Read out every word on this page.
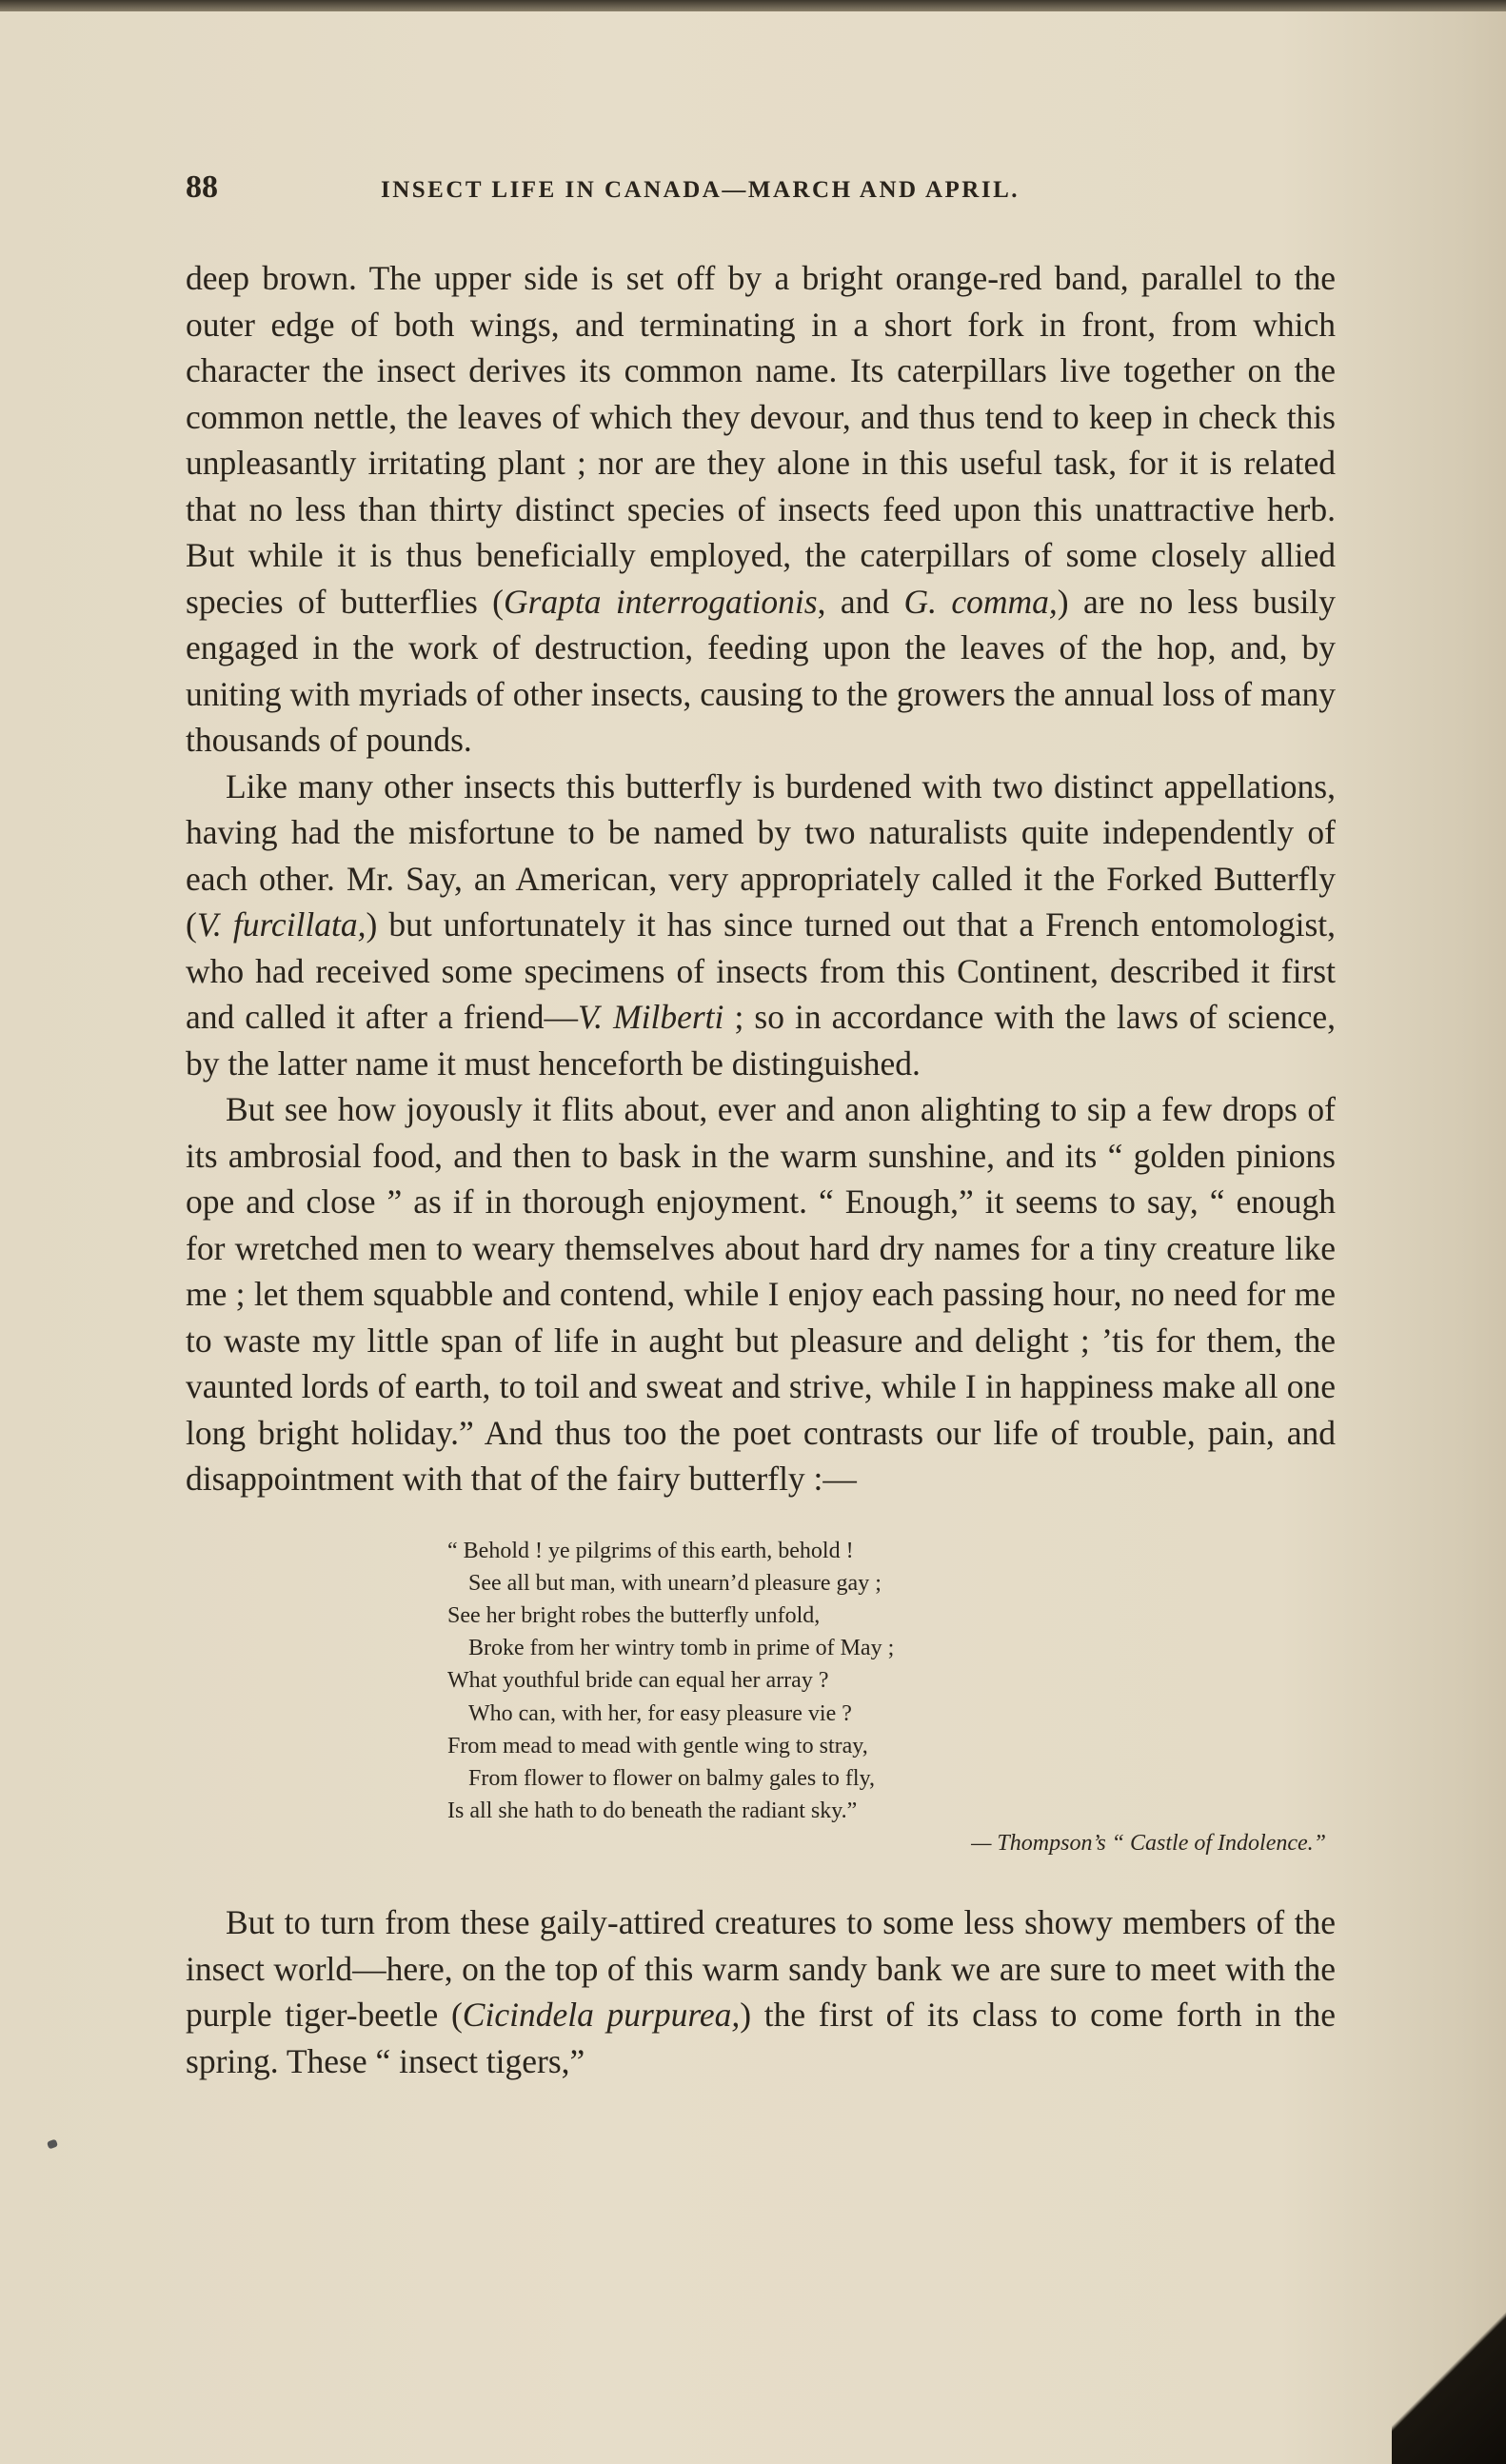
88	INSECT LIFE IN CANADA—MARCH AND APRIL.

deep brown. The upper side is set off by a bright orange-red band, parallel to the outer edge of both wings, and terminating in a short fork in front, from which character the insect derives its common name. Its caterpillars live together on the common nettle, the leaves of which they devour, and thus tend to keep in check this unpleasantly irritating plant ; nor are they alone in this useful task, for it is related that no less than thirty distinct species of insects feed upon this unattractive herb. But while it is thus beneficially employed, the caterpillars of some closely allied species of butterflies (Grapta interrogationis, and G. comma,) are no less busily engaged in the work of destruction, feeding upon the leaves of the hop, and, by uniting with myriads of other insects, causing to the growers the annual loss of many thousands of pounds.

Like many other insects this butterfly is burdened with two distinct appellations, having had the misfortune to be named by two naturalists quite independently of each other. Mr. Say, an American, very appropriately called it the Forked Butterfly (V. furcillata,) but unfortunately it has since turned out that a French entomologist, who had received some specimens of insects from this Continent, described it first and called it after a friend—V. Milberti ; so in accordance with the laws of science, by the latter name it must henceforth be distinguished.

But see how joyously it flits about, ever and anon alighting to sip a few drops of its ambrosial food, and then to bask in the warm sunshine, and its “ golden pinions ope and close ” as if in thorough enjoyment. “ Enough,” it seems to say, “ enough for wretched men to weary themselves about hard dry names for a tiny creature like me ; let them squabble and contend, while I enjoy each passing hour, no need for me to waste my little span of life in aught but pleasure and delight ; ’tis for them, the vaunted lords of earth, to toil and sweat and strive, while I in happiness make all one long bright holiday.” And thus too the poet contrasts our life of trouble, pain, and disappointment with that of the fairy butterfly :—

“ Behold ! ye pilgrims of this earth, behold !

See all but man, with unearn’d pleasure gay ;

See her bright robes the butterfly unfold,

Broke from her wintry tomb in prime of May ;

What youthful bride can equal her array ?

Who can, with her, for easy pleasure vie ?

From mead to mead with gentle wing to stray,

From flower to flower on balmy gales to fly,

Is all she hath to do beneath the radiant sky.”

— Thompson’s “ Castle of Indolence.”

But to turn from these gaily-attired creatures to some less showy members of the insect world—here, on the top of this warm sandy bank we are sure to meet with the purple tiger-beetle (Cicindela purpurea,) the first of its class to come forth in the spring. These “ insect tigers,”
